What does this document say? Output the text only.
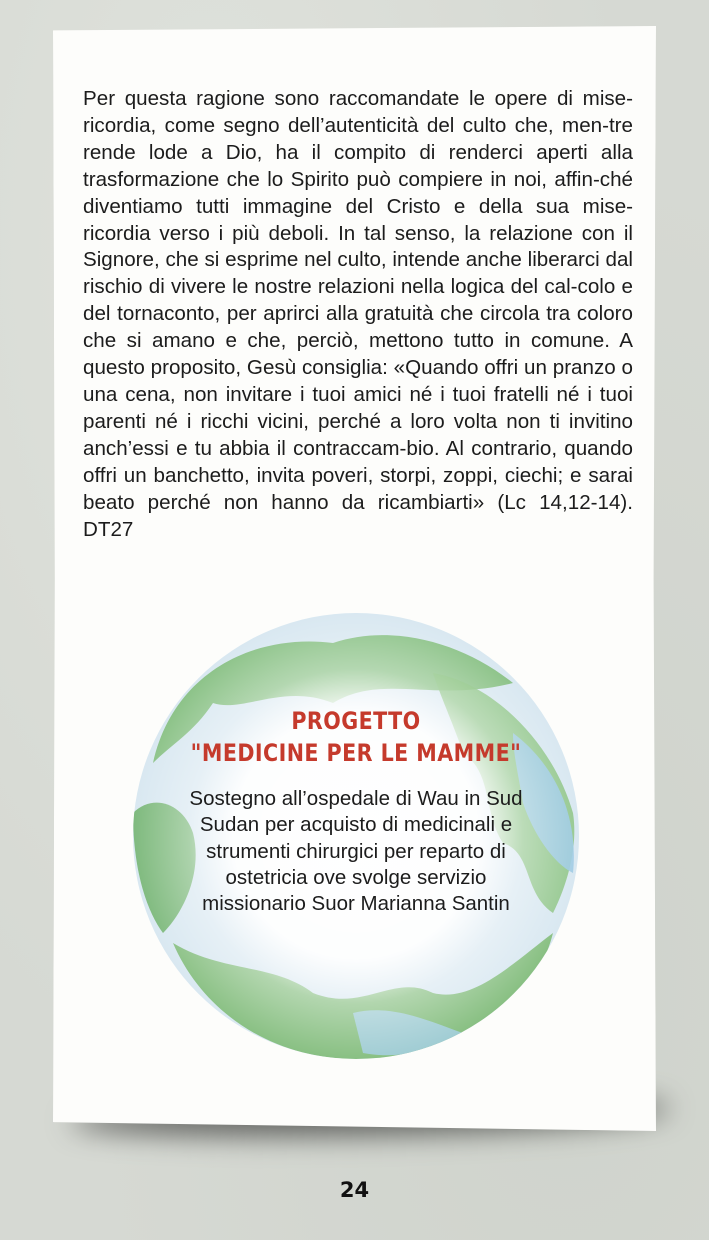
Per questa ragione sono raccomandate le opere di mise-ricordia, come segno dell’autenticità del culto che, men-tre rende lode a Dio, ha il compito di renderci aperti alla trasformazione che lo Spirito può compiere in noi, affin-ché diventiamo tutti immagine del Cristo e della sua mise-ricordia verso i più deboli. In tal senso, la relazione con il Signore, che si esprime nel culto, intende anche liberarci dal rischio di vivere le nostre relazioni nella logica del cal-colo e del tornaconto, per aprirci alla gratuità che circola tra coloro che si amano e che, perciò, mettono tutto in comune. A questo proposito, Gesù consiglia: «Quando offri un pranzo o una cena, non invitare i tuoi amici né i tuoi fratelli né i tuoi parenti né i ricchi vicini, perché a loro volta non ti invitino anch’essi e tu abbia il contraccam-bio. Al contrario, quando offri un banchetto, invita poveri, storpi, zoppi, ciechi; e sarai beato perché non hanno da ricambiarti» (Lc 14,12-14). DT27

PROGETTO
"MEDICINE PER LE MAMME"
Sostegno all’ospedale di Wau in Sud Sudan per acquisto di medicinali e strumenti chirurgici per reparto di ostetricia ove svolge servizio missionario Suor Marianna Santin
24
